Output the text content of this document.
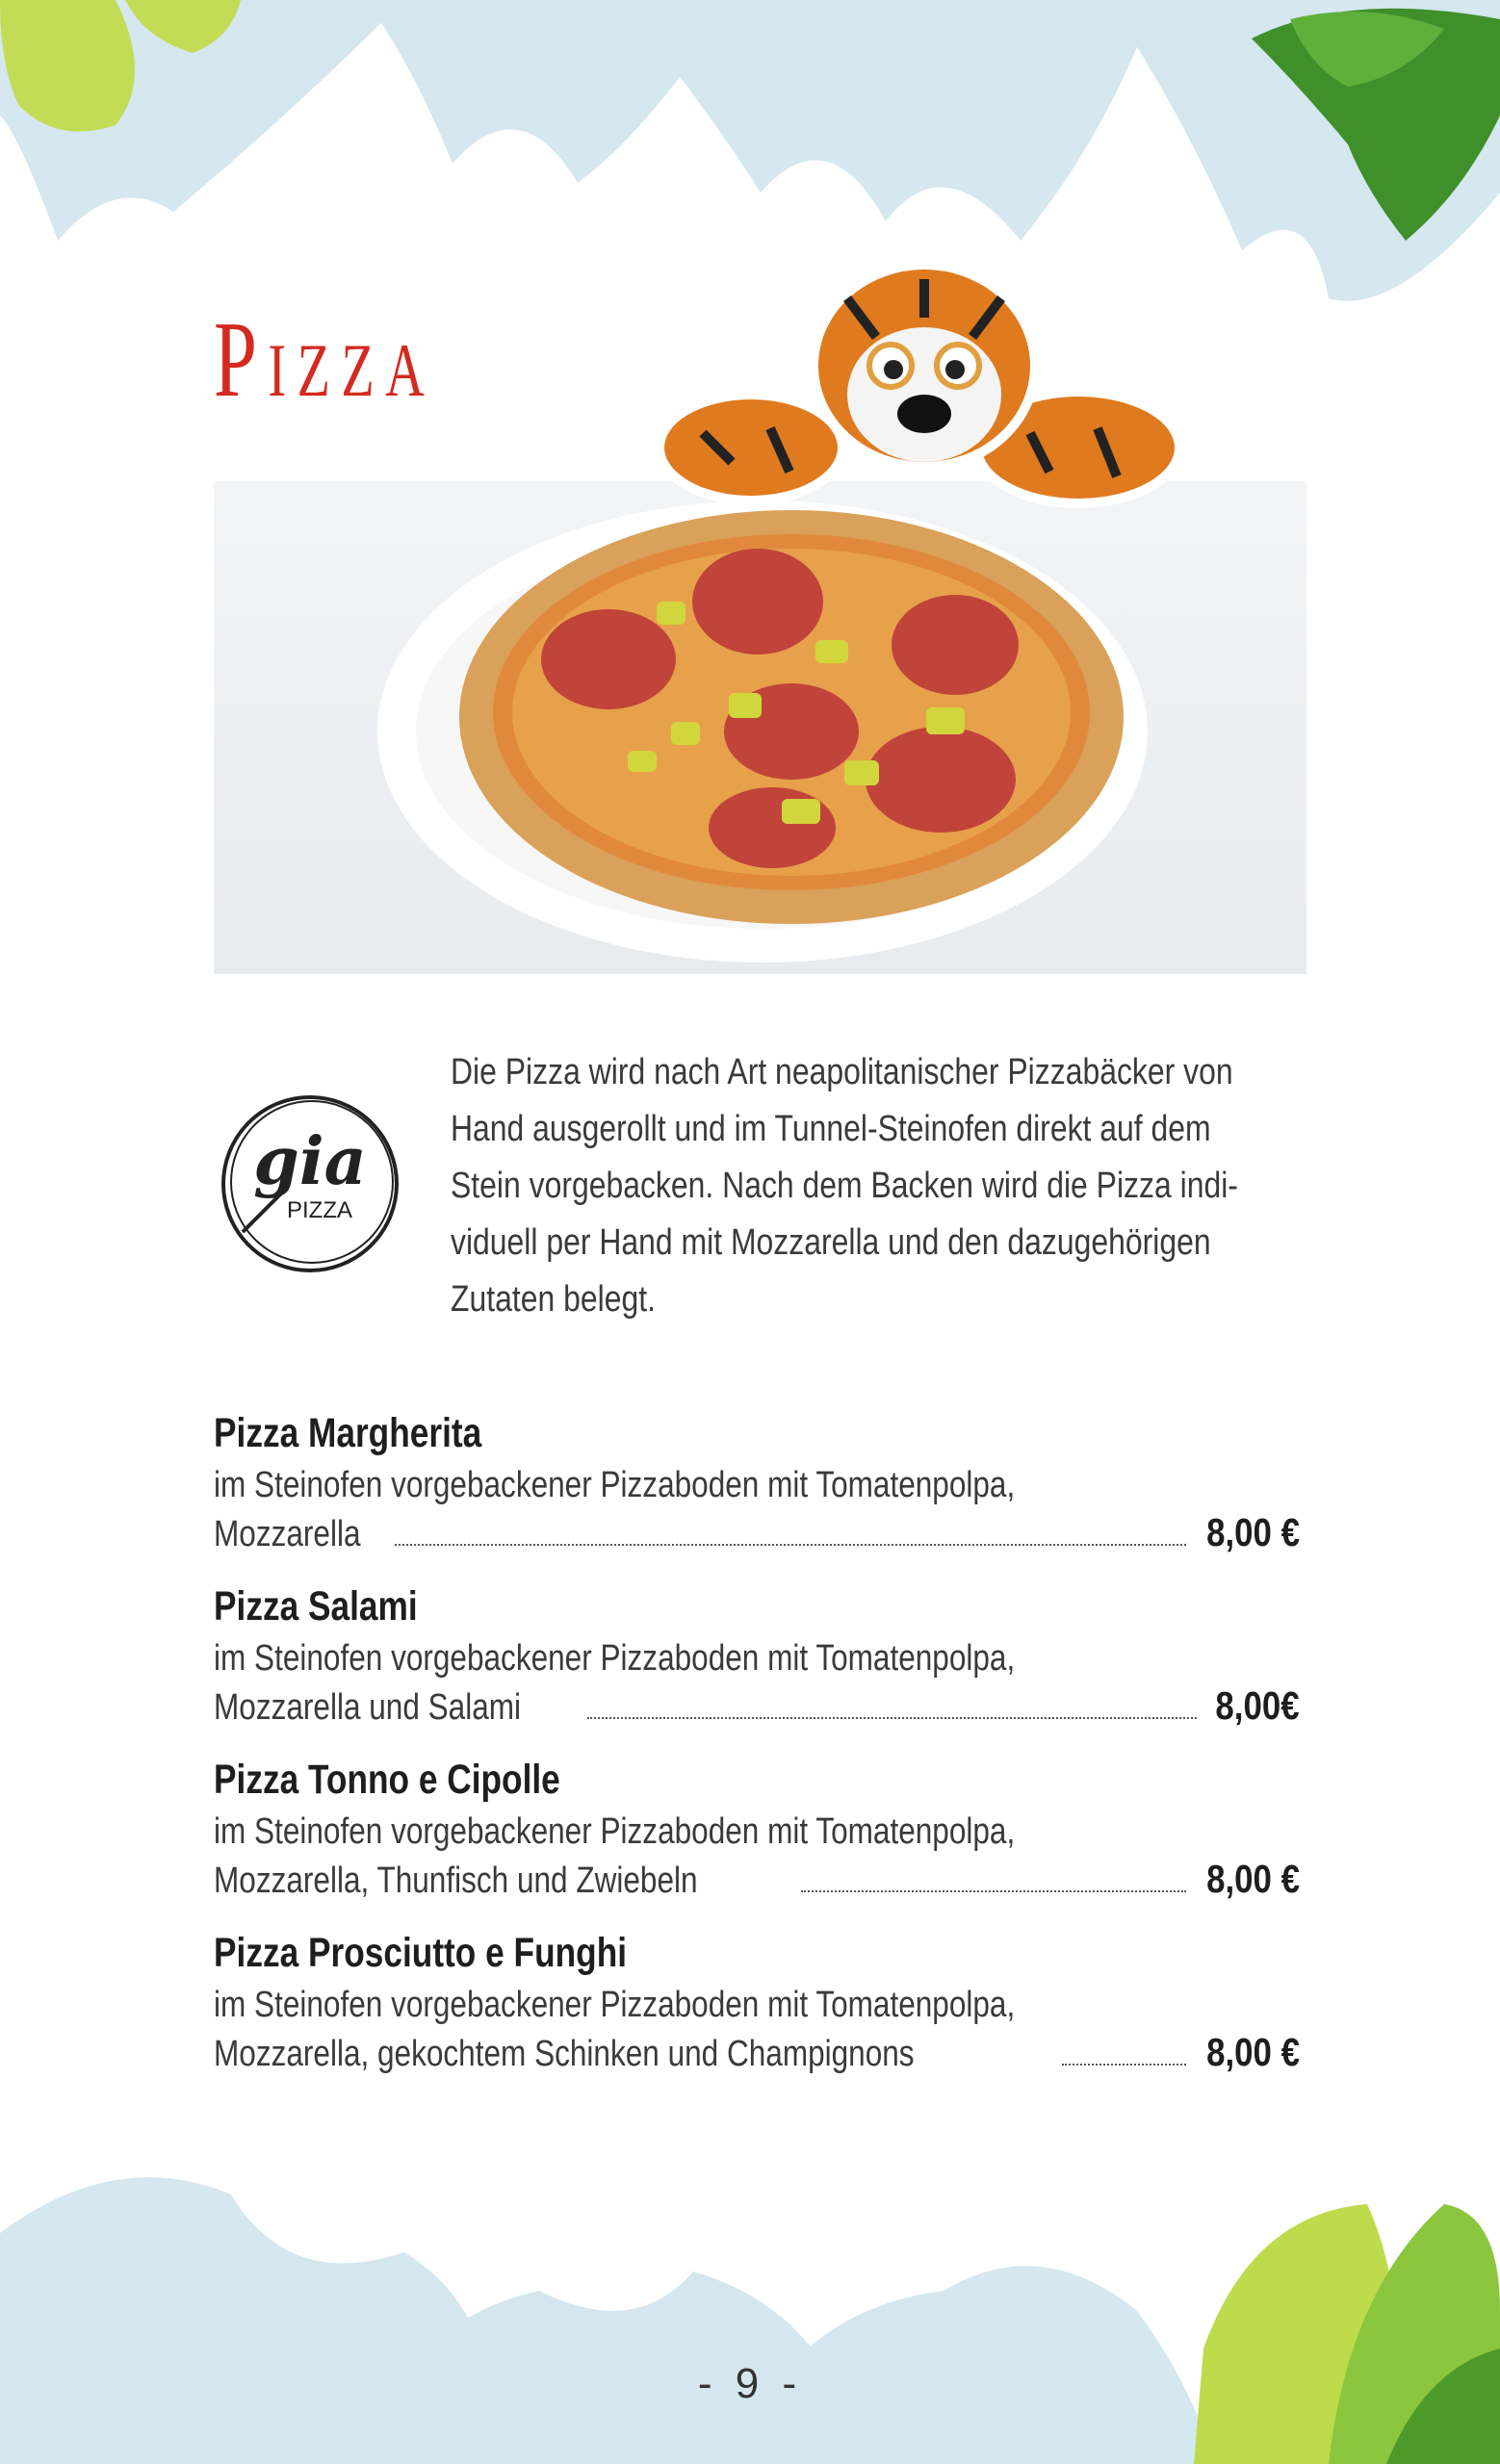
Pizza
gia
PIZZA
Die Pizza wird nach Art neapolitanischer Pizzabäcker von
Hand ausgerollt und im Tunnel-Steinofen direkt auf dem
Stein vorgebacken. Nach dem Backen wird die Pizza indi-
viduell per Hand mit Mozzarella und den dazugehörigen
Zutaten belegt.
Pizza Margherita
im Steinofen vorgebackener Pizzaboden mit Tomatenpolpa,
Mozzarella	8,00 €
Pizza Salami
im Steinofen vorgebackener Pizzaboden mit Tomatenpolpa,
Mozzarella und Salami	8,00€
Pizza Tonno e Cipolle
im Steinofen vorgebackener Pizzaboden mit Tomatenpolpa,
Mozzarella, Thunfisch und Zwiebeln	8,00 €
Pizza Prosciutto e Funghi
im Steinofen vorgebackener Pizzaboden mit Tomatenpolpa,
Mozzarella, gekochtem Schinken und Champignons	8,00 €
- 9 -
